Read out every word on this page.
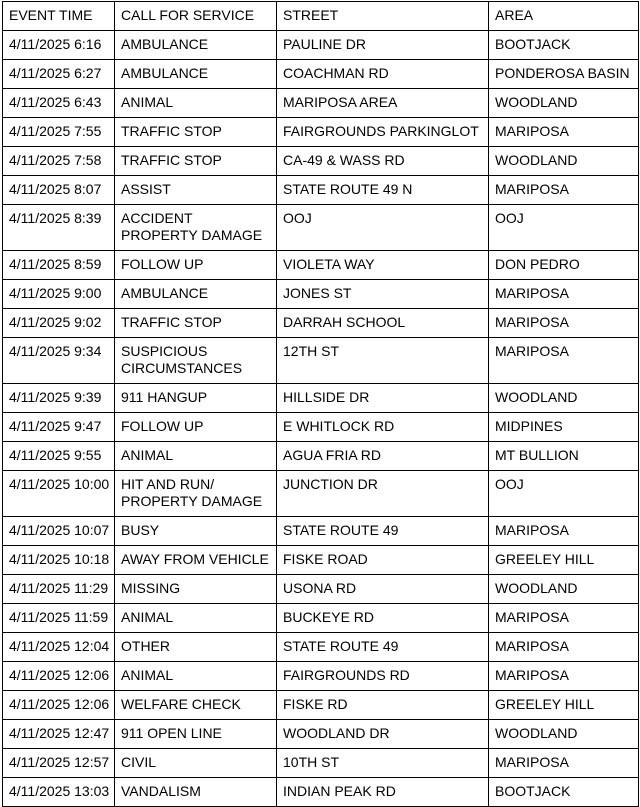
EVENT TIME	CALL FOR SERVICE	STREET	AREA
4/11/2025 6:16	AMBULANCE	PAULINE DR	BOOTJACK
4/11/2025 6:27	AMBULANCE	COACHMAN RD	PONDEROSA BASIN
4/11/2025 6:43	ANIMAL	MARIPOSA AREA	WOODLAND
4/11/2025 7:55	TRAFFIC STOP	FAIRGROUNDS PARKINGLOT	MARIPOSA
4/11/2025 7:58	TRAFFIC STOP	CA-49 & WASS RD	WOODLAND
4/11/2025 8:07	ASSIST	STATE ROUTE 49 N	MARIPOSA
4/11/2025 8:39	ACCIDENT PROPERTY DAMAGE	OOJ	OOJ
4/11/2025 8:59	FOLLOW UP	VIOLETA WAY	DON PEDRO
4/11/2025 9:00	AMBULANCE	JONES ST	MARIPOSA
4/11/2025 9:02	TRAFFIC STOP	DARRAH SCHOOL	MARIPOSA
4/11/2025 9:34	SUSPICIOUS CIRCUMSTANCES	12TH ST	MARIPOSA
4/11/2025 9:39	911 HANGUP	HILLSIDE DR	WOODLAND
4/11/2025 9:47	FOLLOW UP	E WHITLOCK RD	MIDPINES
4/11/2025 9:55	ANIMAL	AGUA FRIA RD	MT BULLION
4/11/2025 10:00	HIT AND RUN/ PROPERTY DAMAGE	JUNCTION DR	OOJ
4/11/2025 10:07	BUSY	STATE ROUTE 49	MARIPOSA
4/11/2025 10:18	AWAY FROM VEHICLE	FISKE ROAD	GREELEY HILL
4/11/2025 11:29	MISSING	USONA RD	WOODLAND
4/11/2025 11:59	ANIMAL	BUCKEYE RD	MARIPOSA
4/11/2025 12:04	OTHER	STATE ROUTE 49	MARIPOSA
4/11/2025 12:06	ANIMAL	FAIRGROUNDS RD	MARIPOSA
4/11/2025 12:06	WELFARE CHECK	FISKE RD	GREELEY HILL
4/11/2025 12:47	911 OPEN LINE	WOODLAND DR	WOODLAND
4/11/2025 12:57	CIVIL	10TH ST	MARIPOSA
4/11/2025 13:03	VANDALISM	INDIAN PEAK RD	BOOTJACK
